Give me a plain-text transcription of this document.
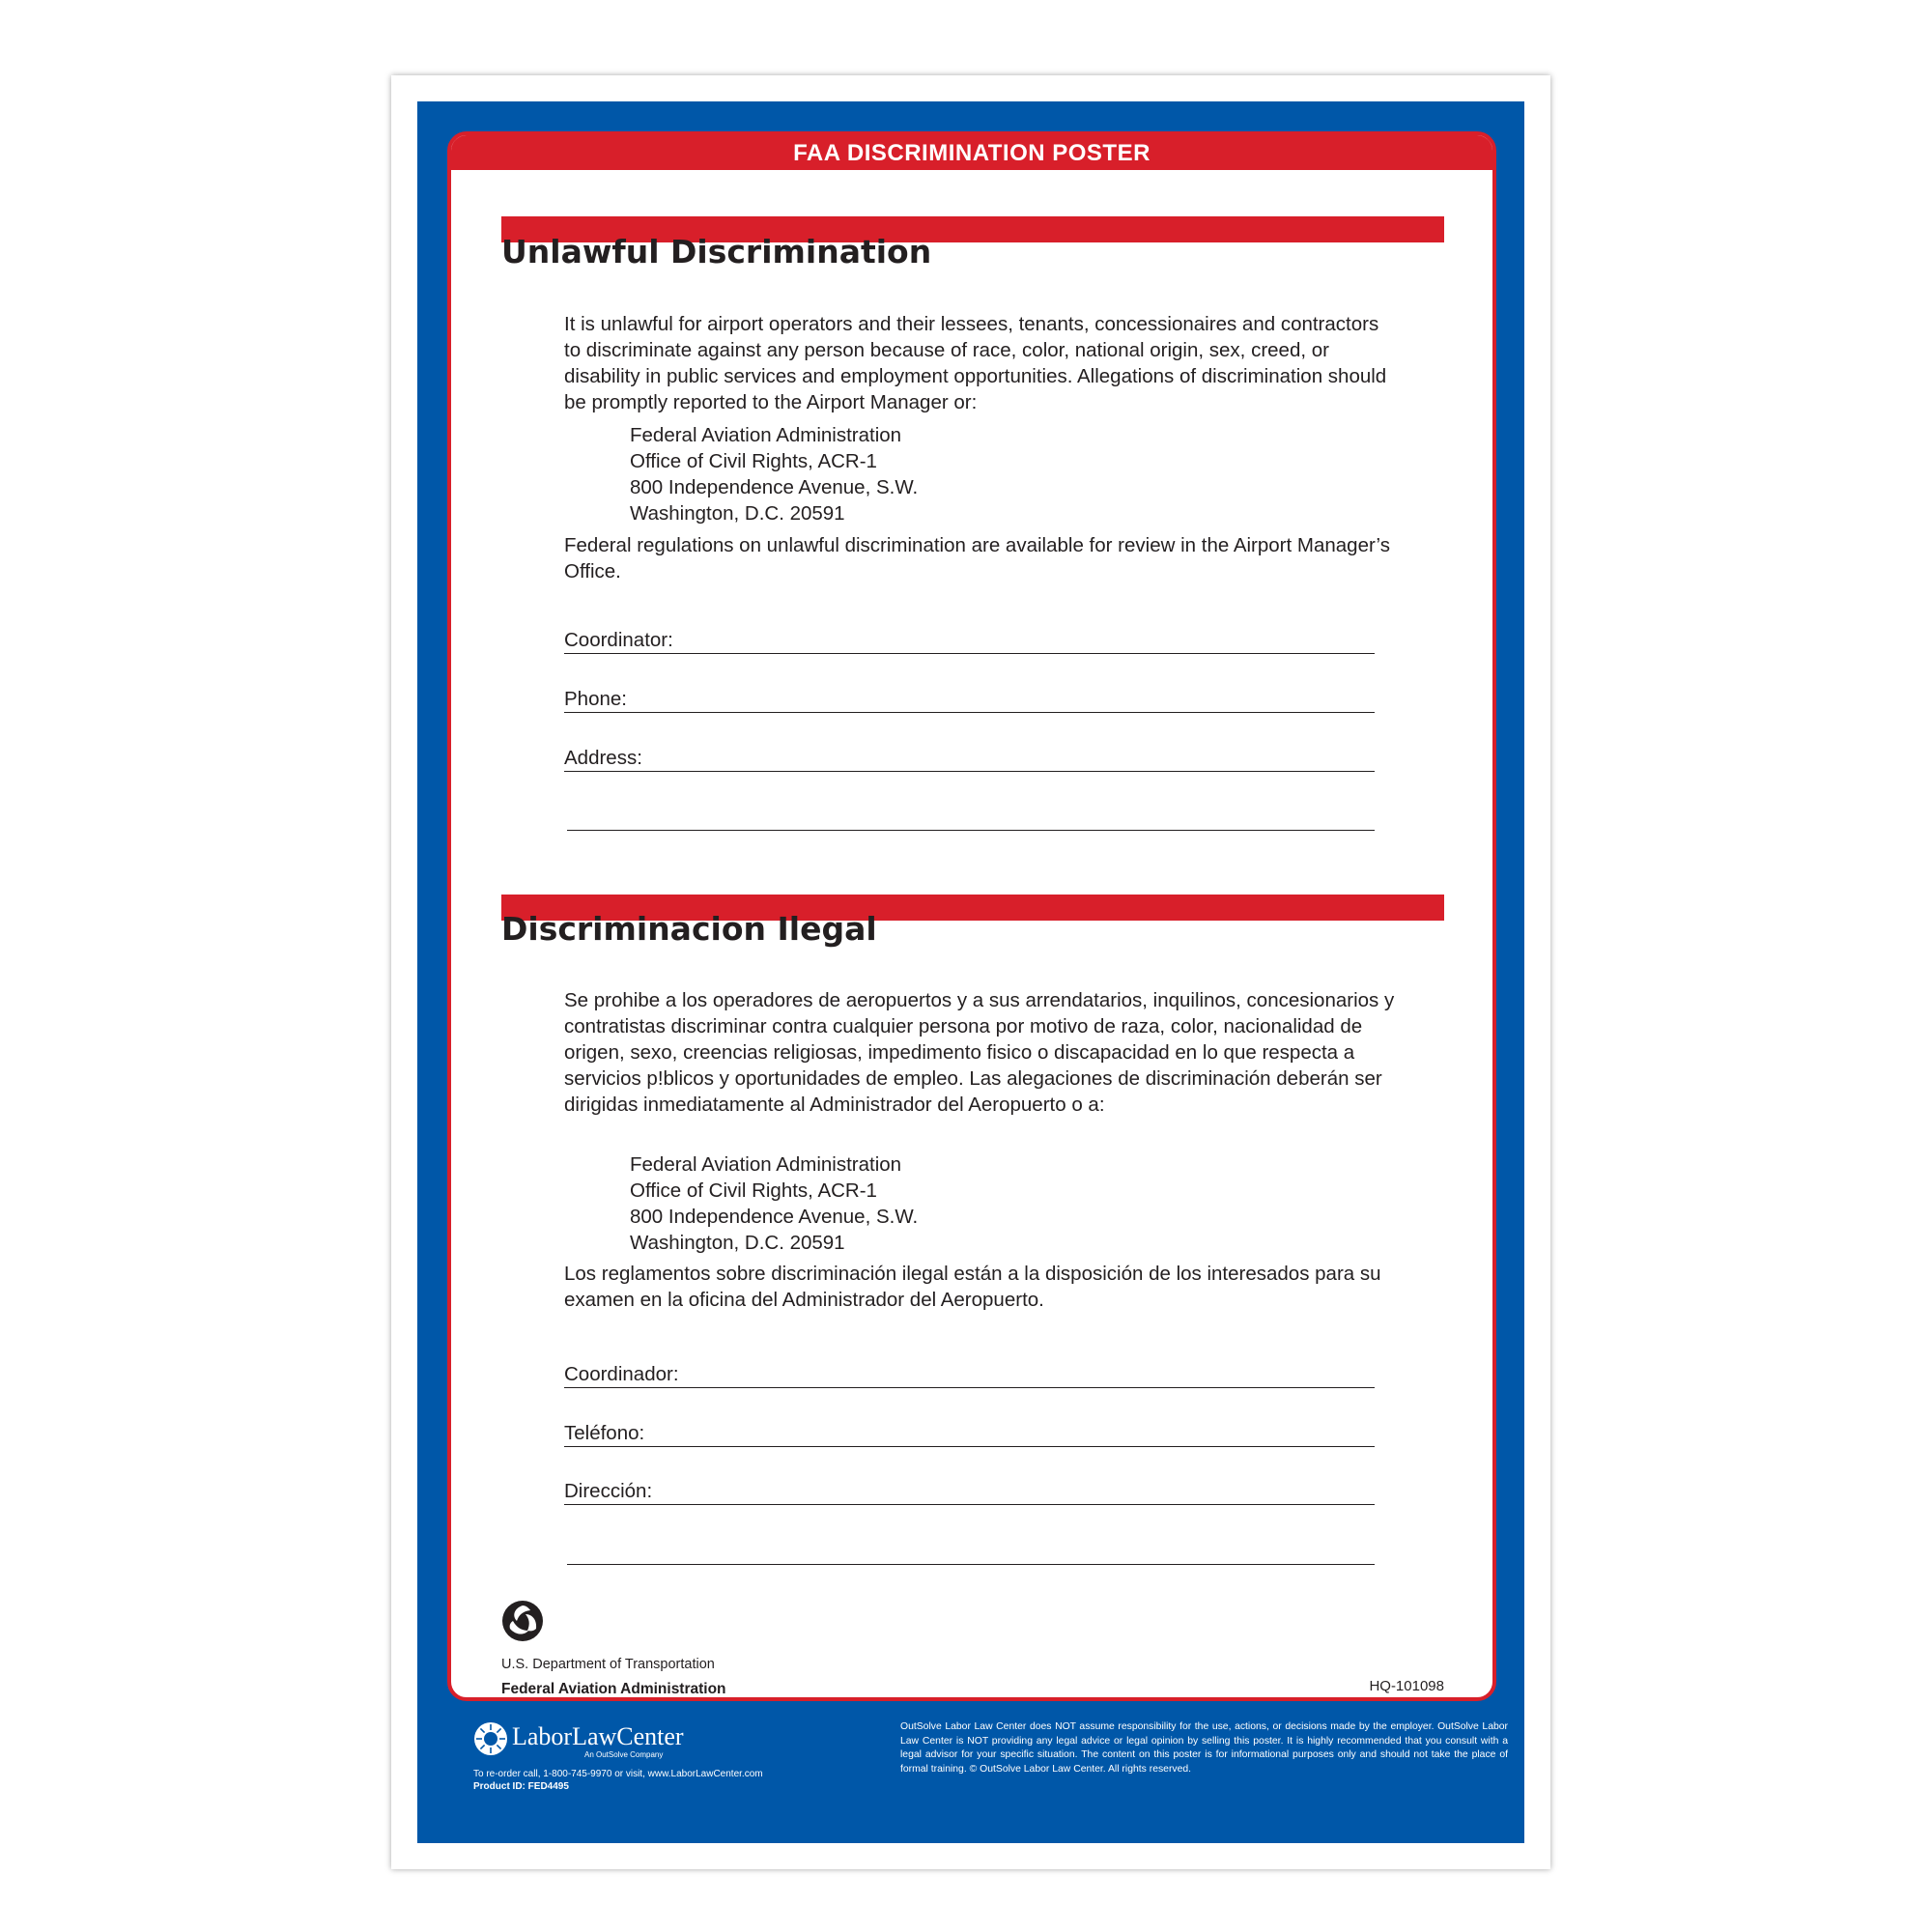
FAA DISCRIMINATION POSTER
Unlawful Discrimination

It is unlawful for airport operators and their lessees, tenants, concessionaires and contractors to discriminate against any person because of race, color, national origin, sex, creed, or disability in public services and employment opportunities. Allegations of discrimination should be promptly reported to the Airport Manager or:

Federal Aviation Administration
Office of Civil Rights, ACR-1
800 Independence Avenue, S.W.
Washington, D.C. 20591

Federal regulations on unlawful discrimination are available for review in the Airport Manager’s Office.

Coordinator:
Phone:
Address:
Discriminacion Ilegal

Se prohibe a los operadores de aeropuertos y a sus arrendatarios, inquilinos, concesionarios y contratistas discriminar contra cualquier persona por motivo de raza, color, nacionalidad de origen, sexo, creencias religiosas, impedimento fisico o discapacidad en lo que respecta a servicios p!blicos y oportunidades de empleo. Las alegaciones de discriminación deberán ser dirigidas inmediatamente al Administrador del Aeropuerto o a:

Federal Aviation Administration
Office of Civil Rights, ACR-1
800 Independence Avenue, S.W.
Washington, D.C. 20591

Los reglamentos sobre discriminación ilegal están a la disposición de los interesados para su examen en la oficina del Administrador del Aeropuerto.

Coordinador:
Teléfono:
Dirección:
U.S. Department of Transportation
Federal Aviation Administration	HQ-101098
LaborLawCenter
An OutSolve Company
To re-order call, 1-800-745-9970 or visit, www.LaborLawCenter.com
Product ID: FED4495

OutSolve Labor Law Center does NOT assume responsibility for the use, actions, or decisions made by the employer. OutSolve Labor Law Center is NOT providing any legal advice or legal opinion by selling this poster. It is highly recommended that you consult with a legal advisor for your specific situation. The content on this poster is for informational purposes only and should not take the place of formal training. © OutSolve Labor Law Center. All rights reserved.
